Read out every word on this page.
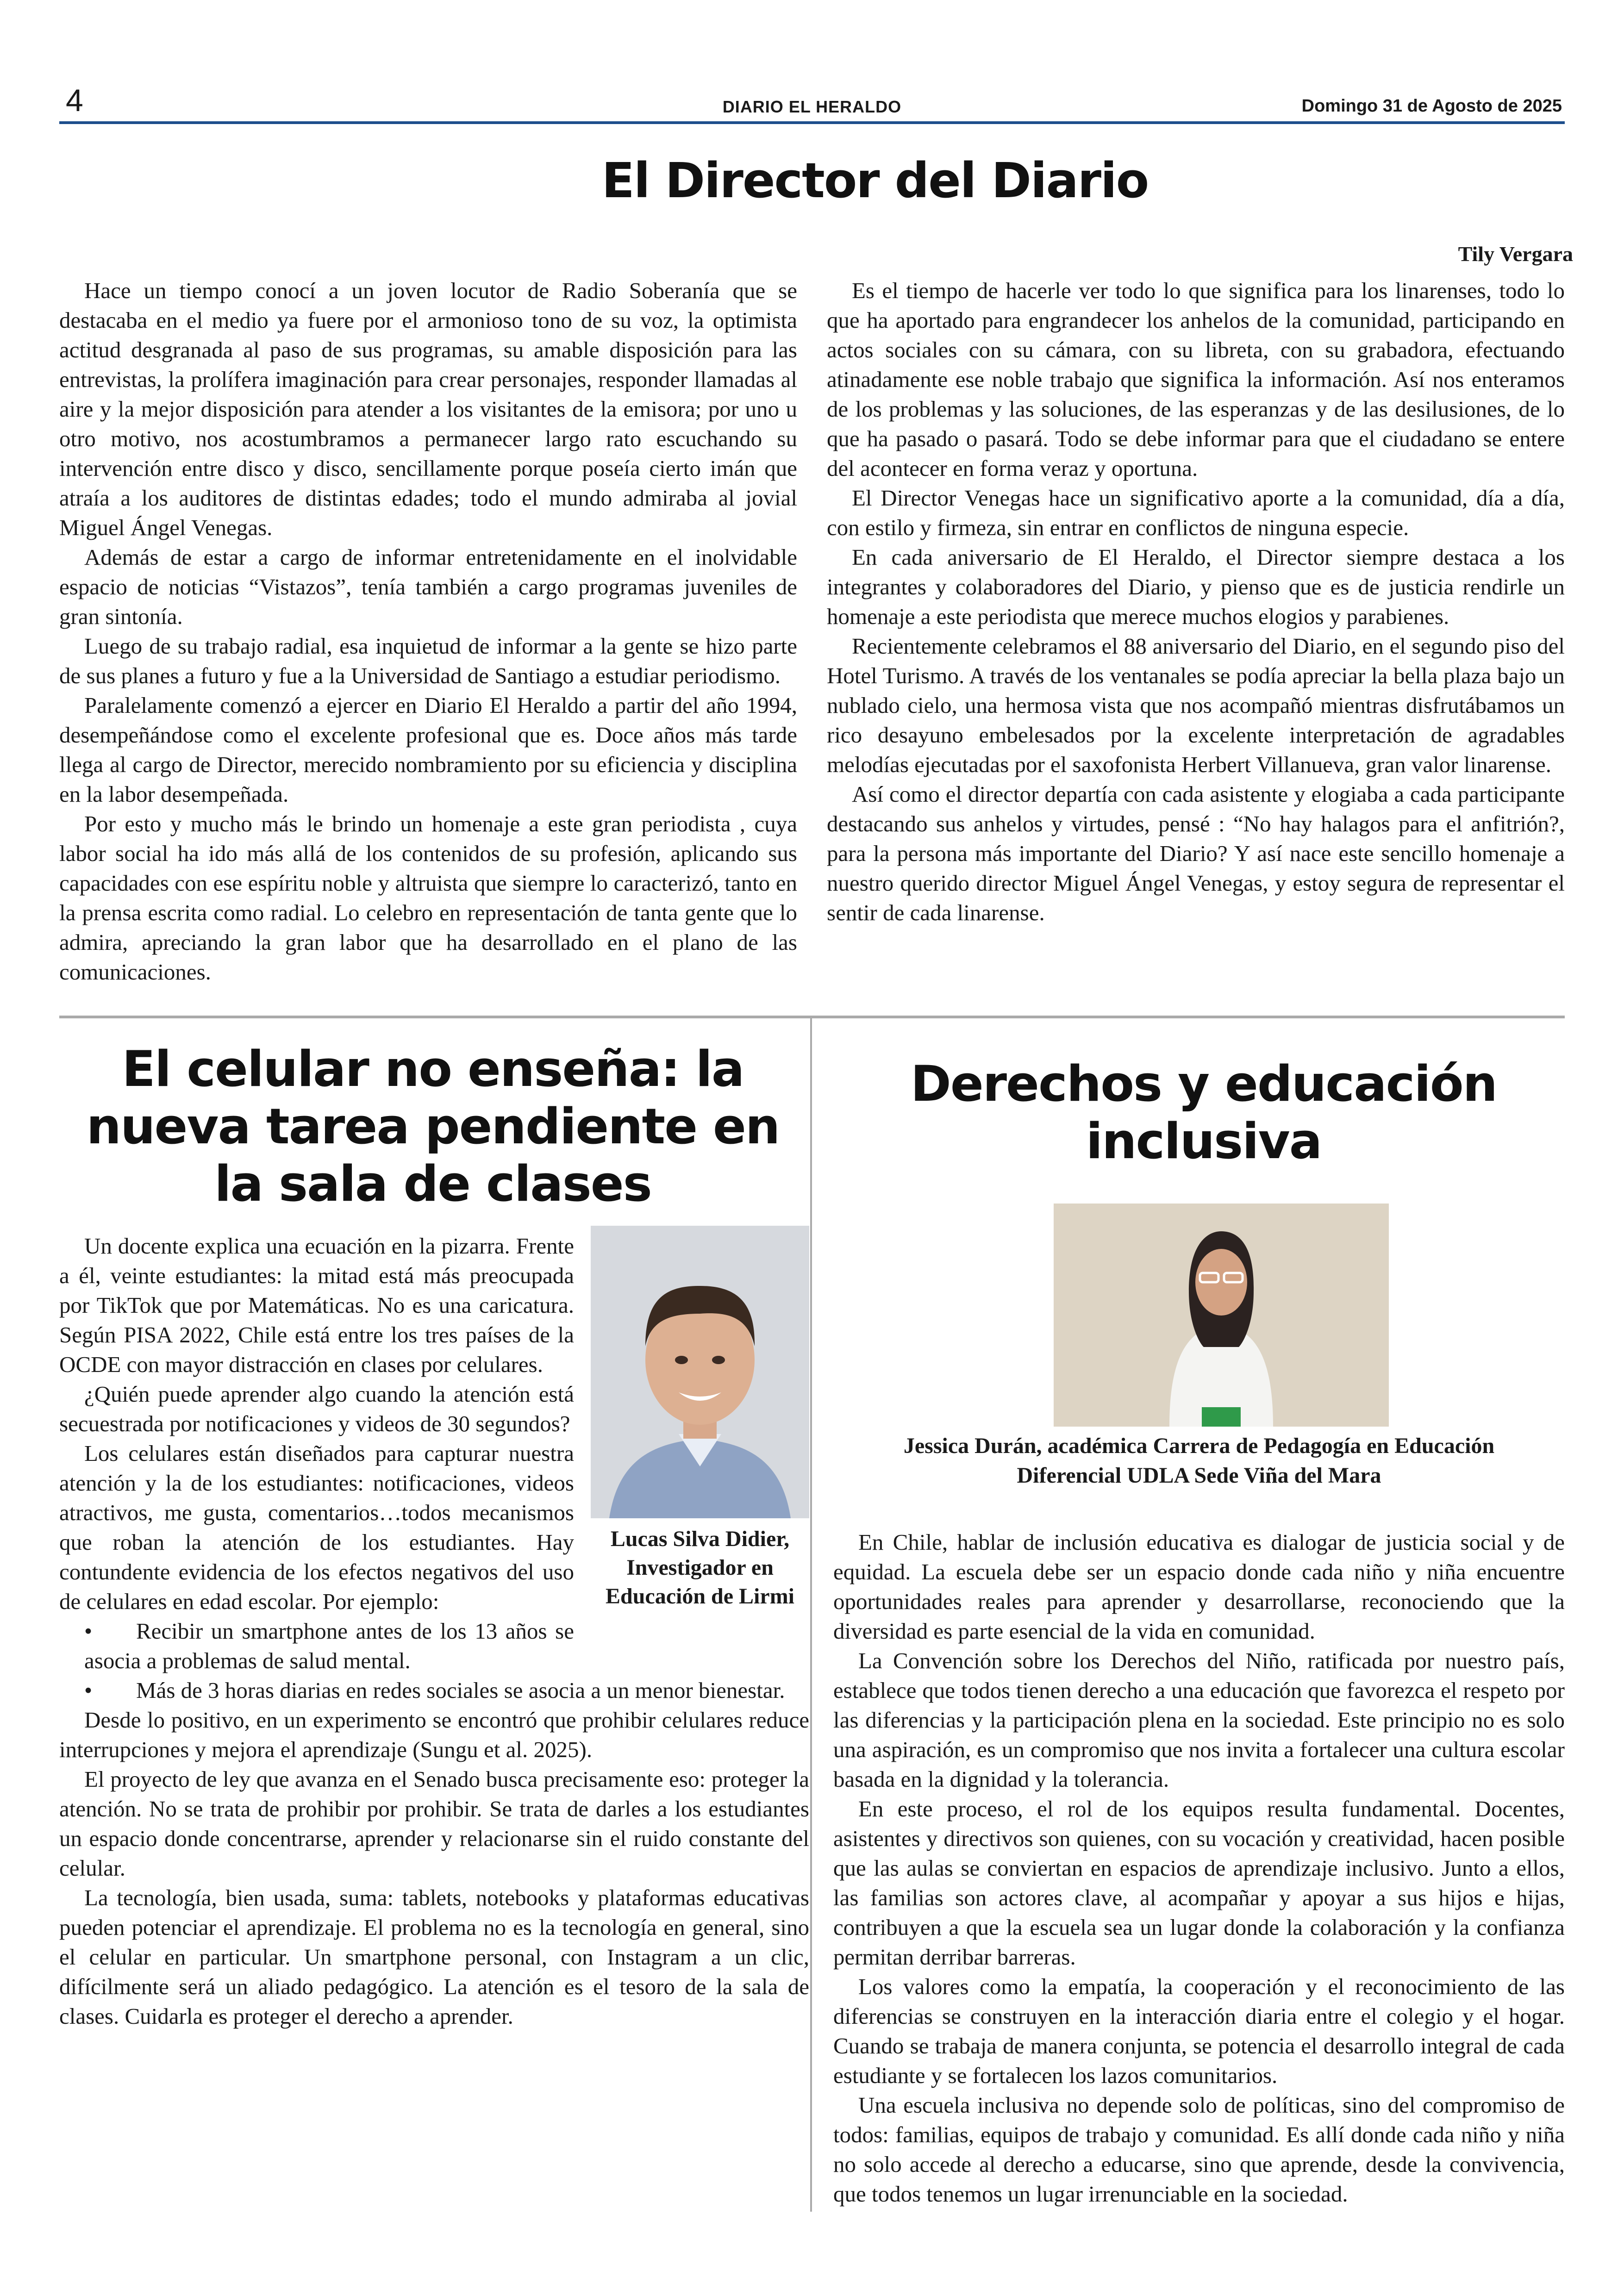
4	DIARIO EL HERALDO	Domingo 31 de Agosto de 2025
El Director del Diario
Tily Vergara

Hace un tiempo conocí a un joven locutor de Radio Soberanía que se destacaba en el medio ya fuere por el armonioso tono de su voz, la optimista actitud desgranada al paso de sus programas, su amable disposición para las entrevistas, la prolífera imaginación para crear personajes, responder llamadas al aire y la mejor disposición para atender a los visitantes de la emisora; por uno u otro motivo, nos acostumbramos a permanecer largo rato escuchando su intervención entre disco y disco, sencillamente porque poseía cierto imán que atraía a los auditores de distintas edades; todo el mundo admiraba al jovial Miguel Ángel Venegas.

Además de estar a cargo de informar entretenidamente en el inolvidable espacio de noticias “Vistazos”, tenía también a cargo programas juveniles de gran sintonía.

Luego de su trabajo radial, esa inquietud de informar a la gente se hizo parte de sus planes a futuro y fue a la Universidad de Santiago a estudiar periodismo.

Paralelamente comenzó a ejercer en Diario El Heraldo a partir del año 1994, desempeñándose como el excelente profesional que es. Doce años más tarde llega al cargo de Director, merecido nombramiento por su eficiencia y disciplina en la labor desempeñada.

Por esto y mucho más le brindo un homenaje a este gran periodista , cuya labor social ha ido más allá de los contenidos de su profesión, aplicando sus capacidades con ese espíritu noble y altruista que siempre lo caracterizó, tanto en la prensa escrita como radial. Lo celebro en representación de tanta gente que lo admira, apreciando la gran labor que ha desarrollado en el plano de las comunicaciones.

Es el tiempo de hacerle ver todo lo que significa para los linarenses, todo lo que ha aportado para engrandecer los anhelos de la comunidad, participando en actos sociales con su cámara, con su libreta, con su grabadora, efectuando atinadamente ese noble trabajo que significa la información. Así nos enteramos de los problemas y las soluciones, de las esperanzas y de las desilusiones, de lo que ha pasado o pasará. Todo se debe informar para que el ciudadano se entere del acontecer en forma veraz y oportuna.

El Director Venegas hace un significativo aporte a la comunidad, día a día, con estilo y firmeza, sin entrar en conflictos de ninguna especie.

En cada aniversario de El Heraldo, el Director siempre destaca a los integrantes y colaboradores del Diario, y pienso que es de justicia rendirle un homenaje a este periodista que merece muchos elogios y parabienes.

Recientemente celebramos el 88 aniversario del Diario, en el segundo piso del Hotel Turismo. A través de los ventanales se podía apreciar la bella plaza bajo un nublado cielo, una hermosa vista que nos acompañó mientras disfrutábamos un rico desayuno embelesados por la excelente interpretación de agradables melodías ejecutadas por el saxofonista Herbert Villanueva, gran valor linarense.

Así como el director departía con cada asistente y elogiaba a cada participante destacando sus anhelos y virtudes, pensé : “No hay halagos para el anfitrión?, para la persona más importante del Diario? Y así nace este sencillo homenaje a nuestro querido director Miguel Ángel Venegas, y estoy segura de representar el sentir de cada linarense.

El celular no enseña: la nueva tarea pendiente en la sala de clases
Lucas Silva Didier, Investigador en Educación de Lirmi

Un docente explica una ecuación en la pizarra. Frente a él, veinte estudiantes: la mitad está más preocupada por TikTok que por Matemáticas. No es una caricatura. Según PISA 2022, Chile está entre los tres países de la OCDE con mayor distracción en clases por celulares.

¿Quién puede aprender algo cuando la atención está secuestrada por notificaciones y videos de 30 segundos?

Los celulares están diseñados para capturar nuestra atención y la de los estudiantes: notificaciones, videos atractivos, me gusta, comentarios…todos mecanismos que roban la atención de los estudiantes. Hay contundente evidencia de los efectos negativos del uso de celulares en edad escolar. Por ejemplo:

• Recibir un smartphone antes de los 13 años se asocia a problemas de salud mental.

• Más de 3 horas diarias en redes sociales se asocia a un menor bienestar.

Desde lo positivo, en un experimento se encontró que prohibir celulares reduce interrupciones y mejora el aprendizaje (Sungu et al. 2025).

El proyecto de ley que avanza en el Senado busca precisamente eso: proteger la atención. No se trata de prohibir por prohibir. Se trata de darles a los estudiantes un espacio donde concentrarse, aprender y relacionarse sin el ruido constante del celular.

La tecnología, bien usada, suma: tablets, notebooks y plataformas educativas pueden potenciar el aprendizaje. El problema no es la tecnología en general, sino el celular en particular. Un smartphone personal, con Instagram a un clic, difícilmente será un aliado pedagógico. La atención es el tesoro de la sala de clases. Cuidarla es proteger el derecho a aprender.

Derechos y educación inclusiva
Jessica Durán, académica Carrera de Pedagogía en Educación Diferencial UDLA Sede Viña del Mara

En Chile, hablar de inclusión educativa es dialogar de justicia social y de equidad. La escuela debe ser un espacio donde cada niño y niña encuentre oportunidades reales para aprender y desarrollarse, reconociendo que la diversidad es parte esencial de la vida en comunidad.

La Convención sobre los Derechos del Niño, ratificada por nuestro país, establece que todos tienen derecho a una educación que favorezca el respeto por las diferencias y la participación plena en la sociedad. Este principio no es solo una aspiración, es un compromiso que nos invita a fortalecer una cultura escolar basada en la dignidad y la tolerancia.

En este proceso, el rol de los equipos resulta fundamental. Docentes, asistentes y directivos son quienes, con su vocación y creatividad, hacen posible que las aulas se conviertan en espacios de aprendizaje inclusivo. Junto a ellos, las familias son actores clave, al acompañar y apoyar a sus hijos e hijas, contribuyen a que la escuela sea un lugar donde la colaboración y la confianza permitan derribar barreras.

Los valores como la empatía, la cooperación y el reconocimiento de las diferencias se construyen en la interacción diaria entre el colegio y el hogar. Cuando se trabaja de manera conjunta, se potencia el desarrollo integral de cada estudiante y se fortalecen los lazos comunitarios.

Una escuela inclusiva no depende solo de políticas, sino del compromiso de todos: familias, equipos de trabajo y comunidad. Es allí donde cada niño y niña no solo accede al derecho a educarse, sino que aprende, desde la convivencia, que todos tenemos un lugar irrenunciable en la sociedad.
